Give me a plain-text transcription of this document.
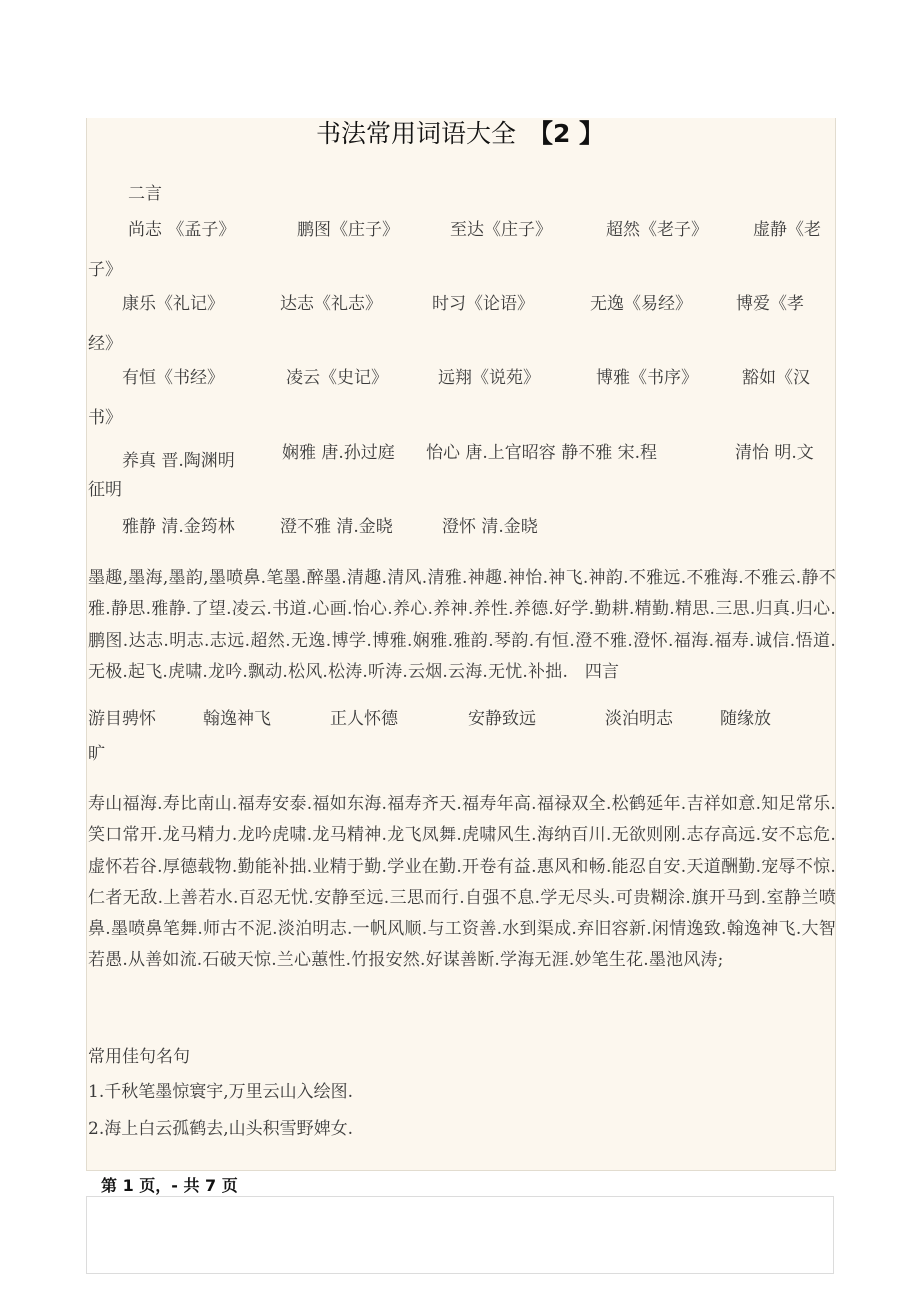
书法常用词语大全 【2 】
二言
尚志 《孟子》	鹏图《庄子》	至达《庄子》	超然《老子》	虚静《老
子》
康乐《礼记》	达志《礼志》	时习《论语》	无逸《易经》	博爱《孝
经》
有恒《书经》	凌云《史记》	远翔《说苑》	博雅《书序》	豁如《汉
书》
养真 晋.陶渊明	娴雅 唐.孙过庭 怡心 唐.上官昭容 静不雅 宋.程	清怡 明.文
征明
雅静 清.金筠林	澄不雅 清.金晓	澄怀 清.金晓
墨趣,墨海,墨韵,墨喷鼻.笔墨.醉墨.清趣.清风.清雅.神趣.神怡.神飞.神韵.不雅远.不雅海.不雅云.静不雅.静思.雅静.了望.凌云.书道.心画.怡心.养心.养神.养性.养德.好学.勤耕.精勤.精思.三思.归真.归心.鹏图.达志.明志.志远.超然.无逸.博学.博雅.娴雅.雅韵.琴韵.有恒.澄不雅.澄怀.福海.福寿.诚信.悟道.无极.起飞.虎啸.龙吟.飘动.松风.松涛.听涛.云烟.云海.无忧.补拙. 四言
游目骋怀	翰逸神飞	正人怀德	安静致远	淡泊明志	随缘放
旷
寿山福海.寿比南山.福寿安泰.福如东海.福寿齐天.福寿年高.福禄双全.松鹤延年.吉祥如意.知足常乐.笑口常开.龙马精力.龙吟虎啸.龙马精神.龙飞凤舞.虎啸风生.海纳百川.无欲则刚.志存高远.安不忘危.虚怀若谷.厚德载物.勤能补拙.业精于勤.学业在勤.开卷有益.惠风和畅.能忍自安.天道酬勤.宠辱不惊.仁者无敌.上善若水.百忍无忧.安静至远.三思而行.自强不息.学无尽头.可贵糊涂.旗开马到.室静兰喷鼻.墨喷鼻笔舞.师古不泥.淡泊明志.一帆风顺.与工资善.水到渠成.弃旧容新.闲情逸致.翰逸神飞.大智若愚.从善如流.石破天惊.兰心蕙性.竹报安然.好谋善断.学海无涯.妙笔生花.墨池风涛;
常用佳句名句
1.千秋笔墨惊寰宇,万里云山入绘图.
2.海上白云孤鹤去,山头积雪野婢女.
第 1 页，- 共 7 页
